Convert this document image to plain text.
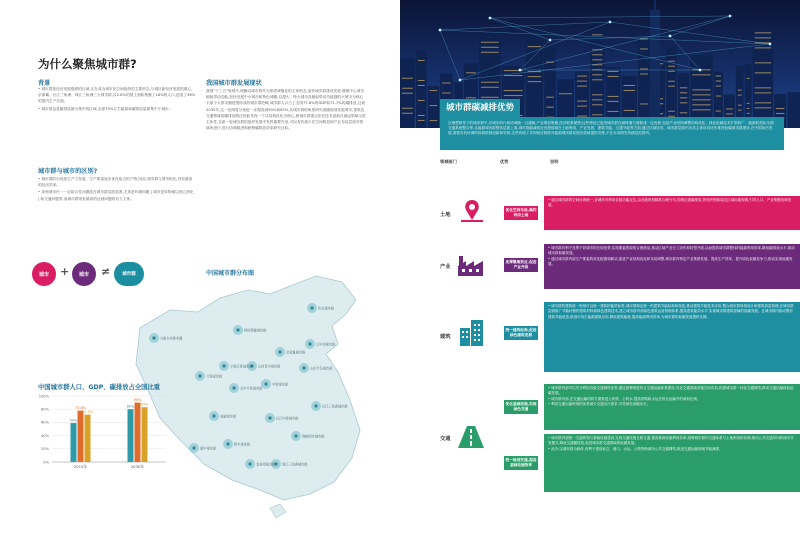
为什么聚焦城市群?
背景

• 城市群是经济发展强度的区域,正在成为城市化空间组织的主要形态,与城区新经济发展的重心,京津冀、长江三角洲、珠江三角洲三大城市群,以2.8%的国土面积集聚了18%的人口,创造了36%的国内生产总值。

• 城市群也是碳排放最为集中的区域,全球70%左右能源和碳排放量都集中于城市。

城市群与城市的区别?

• 城市群的出现是生产力发展、生产要素逐步优化组合的产物,因此,城市群与城市相比,具有最高的经济效率。

• 单独城市仍一一定给合性问题将在城市群层面显著,尤其是环境问题 | 城市是异物难以独立消化 | 和交通问题等,而城市群则有最高的达到问题的有力主体。

我国城市群发展现状
我国"十三五"规划中,明确以城市群作为推进城镇化的主体形态,加快城市群建设发展,增强中心城市辐射带动功能,加快发展中小城市和特色城镇,以超大、特大城市及辐射带动功能强的大城市为核心平原于大都市圈范围形成的城市群范畴,城市群人口占了全国77.8%的GDP和71.7%的碳排放,且到2030年,这一比例将分别进一步提高到90%和83%,从城市群的角度研究低碳规划发展城市,建筑及交通领域的碳排放路径因此发现一个以结构优化为核心,使城市群重点依托技术创新在最远领域示范主体性,在新一轮城市群的组织发展中发挥重要作用,可以有效减少在空间格局和产业布局层面对领域所进行,进行协调推进和统筹碳排放效率研究目标。
城市	+	城市	≠	城市群	中国城市群分布图
乌鲁木齐都市圈
呼包鄂榆城市群
哈长城市群
辽中南城市群
京津冀城市群
山东半岛城市群
宁夏沿黄城市群
兰西城市群
关中平原城市群
中原城市群
山西晋中城市群
长江三角洲城市群
成渝城市群	长江中游城市群
黔中城市群
滇中城市群
海峡西岸城市群
北部湾城市群 珠江三角洲城市群
中国城市群人口、GDP、碳排放占全国比重
0%
20%
40%
60%
80%
100%
59%
77.8%
71.7%
2015年
80%
90%
83%
2030年
城市群碳减排优势
在理想情景下的城市群中,各城市的行政协调统一且通畅,产业要如集聚,经济联系紧密;这些特征已促进城市群在减排潜力面积成一定优势,包括产业结构调整结构优化、绿色低碳技术扩散转广、能源转型和全面交通系统整合等,从能源城市群整体层面上看,城市群能减排在优势领域在土地利用、产业发展、建筑节能、交通节能等方面,通过区域协同、城市群层面内各类主体协同协作推进低碳城市群建设,在中国前后发展,需要有机协调的体制机制创新和安排,这些协调工作和相应制度对能源城市群发展各领域提供决策,不在本项研究所顾及范围内。
领域部门	优势	说明
土地
优化空间布局,集约利用土地

• 通过城市群的空间协调统一,各城市可利用各级功能定位,由各级规划精准合理分布,控制区级碳排放,规划外围和周边区域用地规模,引导人口、产业集聚协调发展。

产业
发挥聚集效应,促进产业升级

• 城市群有利于发挥不同城市的比较优势,实现要素资源的合理流动,推动区域产业分工协作和转型升级,从而提高城市群整体的能源利用效率,降低碳排放水平,推动城市群低碳发展。

• 通过城市群内部生产要素的优化配置和联动,促进产业结构优化和布局调整,城市群内特定产业集群发展、提高生产效率、提升绿色低碳竞争力,推动实现低碳发展。

建筑
统一建筑标准,促进绿色建筑发展

• 城市群的建筑统一规划可以统一建筑的能效标准,城市群制定统一的建筑节能标准和规范,推动建筑节能技术应用,整合城市群规划设计和建筑质量管理,在城市群层面推广节能环保的建筑材料和绿色建筑技术,建立城市群内部绿色建筑运营管理体系,提高建筑能效水平,实现城市群建筑领域的低碳发展。在城市群内推动既有建筑节能改造,推进可再生能源建筑应用,降低建筑能耗,提高能源利用效率,为城市群的低碳发展提供支撑。

交通
优化基础设施,实现绿色交通
统一规划交通,提高基础设施效率

• 城市群内部可以充分利用各级交通网络优势,通过统筹推进综合交通运输体系建设,优化交通基础设施空间布局,构建城市群一体化交通网络,推动交通运输绿色低碳发展。

• 城市群内部,在交通运输结构方面推进公转铁、公转水,提高铁路和水运在综合运输中的承担比例。

• 利用交通运输规划的优势减少交通出行需求,引导绿色低碳出行。

• 城市群内部统一交通规划与基础设施建设,实现交通设施互联互通,提高基础设施利用效率,统筹城市群内交通体系与土地利用的协调,推动公共交通导向的城市开发模式,降低交通碳排放,促进城市群交通领域的低碳发展。

• 此外,以城市群为载体,有利于建设低空、港口、水运、公路等跨城市公共交通网络,推进交通运输领域节能减排。
